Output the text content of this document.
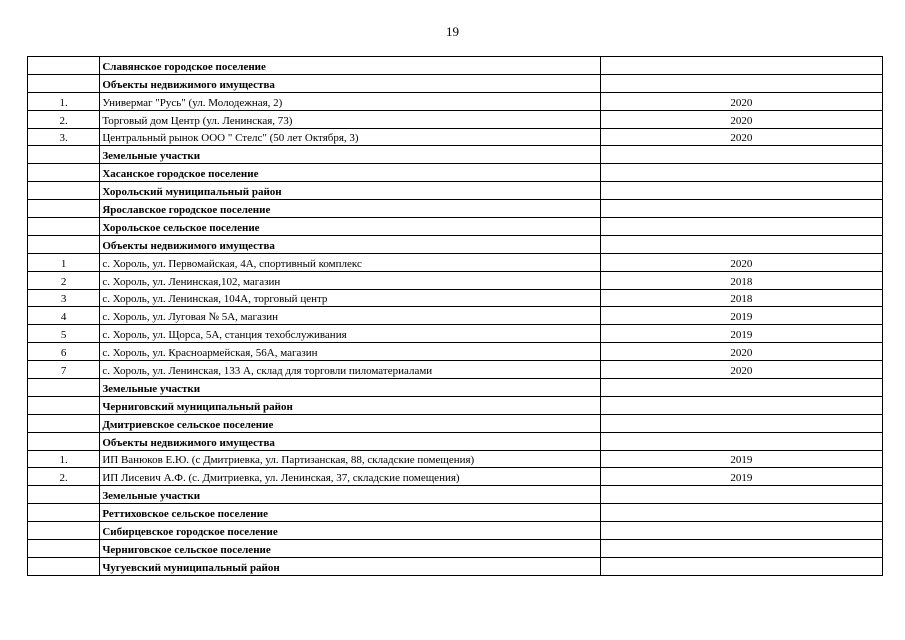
19
	Славянское городское поселение	
	Объекты недвижимого имущества	
1.	Универмаг "Русь" (ул. Молодежная, 2)	2020
2.	Торговый дом Центр (ул. Ленинская, 73)	2020
3.	Центральный рынок ООО " Стелс" (50 лет Октября, 3)	2020
	Земельные участки	
	Хасанское городское поселение	
	Хорольский муниципальный район	
	Ярославское городское поселение	
	Хорольское сельское поселение	
	Объекты недвижимого имущества	
1	с. Хороль, ул. Первомайская, 4А, спортивный комплекс	2020
2	с. Хороль, ул. Ленинская,102, магазин	2018
3	с. Хороль, ул. Ленинская, 104А, торговый центр	2018
4	с. Хороль, ул. Луговая № 5А, магазин	2019
5	с. Хороль, ул. Щорса, 5А, станция техобслуживания	2019
6	с. Хороль, ул. Красноармейская, 56А, магазин	2020
7	с. Хороль, ул. Ленинская, 133 А, склад для торговли пиломатериалами	2020
	Земельные участки	
	Черниговский муниципальный район	
	Дмитриевское сельское поселение	
	Объекты недвижимого имущества	
1.	ИП Ванюков Е.Ю. (с Дмитриевка, ул. Партизанская, 88, складские помещения)	2019
2.	ИП Лисевич А.Ф. (с. Дмитриевка, ул. Ленинская, 37, складские помещения)	2019
	Земельные участки	
	Реттиховское сельское поселение	
	Сибирцевское городское поселение	
	Черниговское сельское поселение	
	Чугуевский муниципальный район	
